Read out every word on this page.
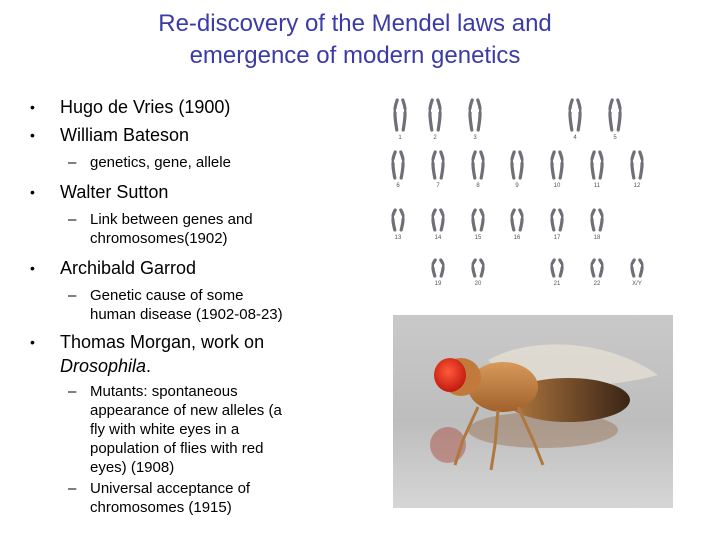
Re-discovery of the Mendel laws and
emergence of modern genetics
• Hugo de Vries (1900)
• William Bateson
– genetics, gene, allele
• Walter Sutton
– Link between genes and
chromosomes(1902)
• Archibald Garrod
– Genetic cause of some
human disease (1902-08-23)
• Thomas Morgan, work on
Drosophila.
– Mutants: spontaneous
appearance of new alleles (a
fly with white eyes in a
population of flies with red
eyes) (1908)
– Universal acceptance of
chromosomes (1915)
1	2	3	4	5
6	7	8	9	10	11	12
13	14	15	16	17	18
19	20	21	22	X/Y
